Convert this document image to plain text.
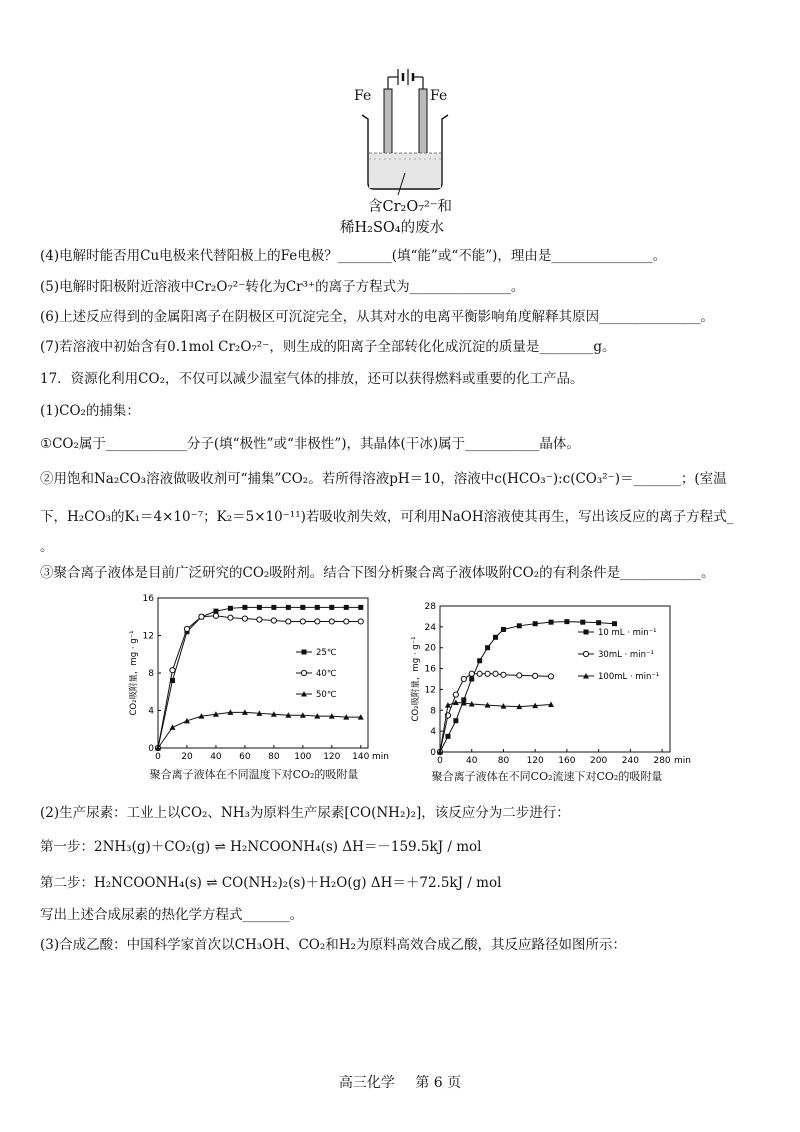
Fe	Fe
含Cr₂O₇²⁻和
稀H₂SO₄的废水
(4)电解时能否用Cu电极来代替阳极上的Fe电极？________(填“能”或“不能”)，理由是_______________。
(5)电解时阳极附近溶液中Cr₂O₇²⁻转化为Cr³⁺的离子方程式为_______________。
(6)上述反应得到的金属阳离子在阴极区可沉淀完全，从其对水的电离平衡影响角度解释其原因_______________。
(7)若溶液中初始含有0.1mol Cr₂O₇²⁻，则生成的阳离子全部转化化成沉淀的质量是________g。
17．资源化利用CO₂，不仅可以减少温室气体的排放，还可以获得燃料或重要的化工产品。
(1)CO₂的捕集：
①CO₂属于____________分子(填“极性”或“非极性”)，其晶体(干冰)属于___________晶体。
②用饱和Na₂CO₃溶液做吸收剂可“捕集”CO₂。若所得溶液pH＝10，溶液中c(HCO₃⁻):c(CO₃²⁻)＝_______；(室温
下，H₂CO₃的K₁＝4×10⁻⁷；K₂＝5×10⁻¹¹)若吸收剂失效，可利用NaOH溶液使其再生，写出该反应的离子方程式_
。
③聚合离子液体是目前广泛研究的CO₂吸附剂。结合下图分析聚合离子液体吸附CO₂的有利条件是____________。
0 20 40 60 80 100 120 140 min
0
4
8
12
16
CO₂吸附量，mg · g⁻¹	25℃
40℃
50℃
聚合离子液体在不同温度下对CO₂的吸附量
0	40 80 120 160 200 240 280 min
0
4
8
12
16
20
24
28
CO₂吸附量，mg · g⁻¹
10 mL · min⁻¹
30mL · min⁻¹
100mL · min⁻¹
聚合离子液体在不同CO₂流速下对CO₂的吸附量
(2)生产尿素：工业上以CO₂、NH₃为原料生产尿素[CO(NH₂)₂]，该反应分为二步进行：
第一步：2NH₃(g)＋CO₂(g) ⇌ H₂NCOONH₄(s) ΔH＝－159.5kJ / mol
第二步：H₂NCOONH₄(s) ⇌ CO(NH₂)₂(s)＋H₂O(g) ΔH＝＋72.5kJ / mol
写出上述合成尿素的热化学方程式_______。
(3)合成乙酸：中国科学家首次以CH₃OH、CO₂和H₂为原料高效合成乙酸，其反应路径如图所示：
高三化学 第 6 页
